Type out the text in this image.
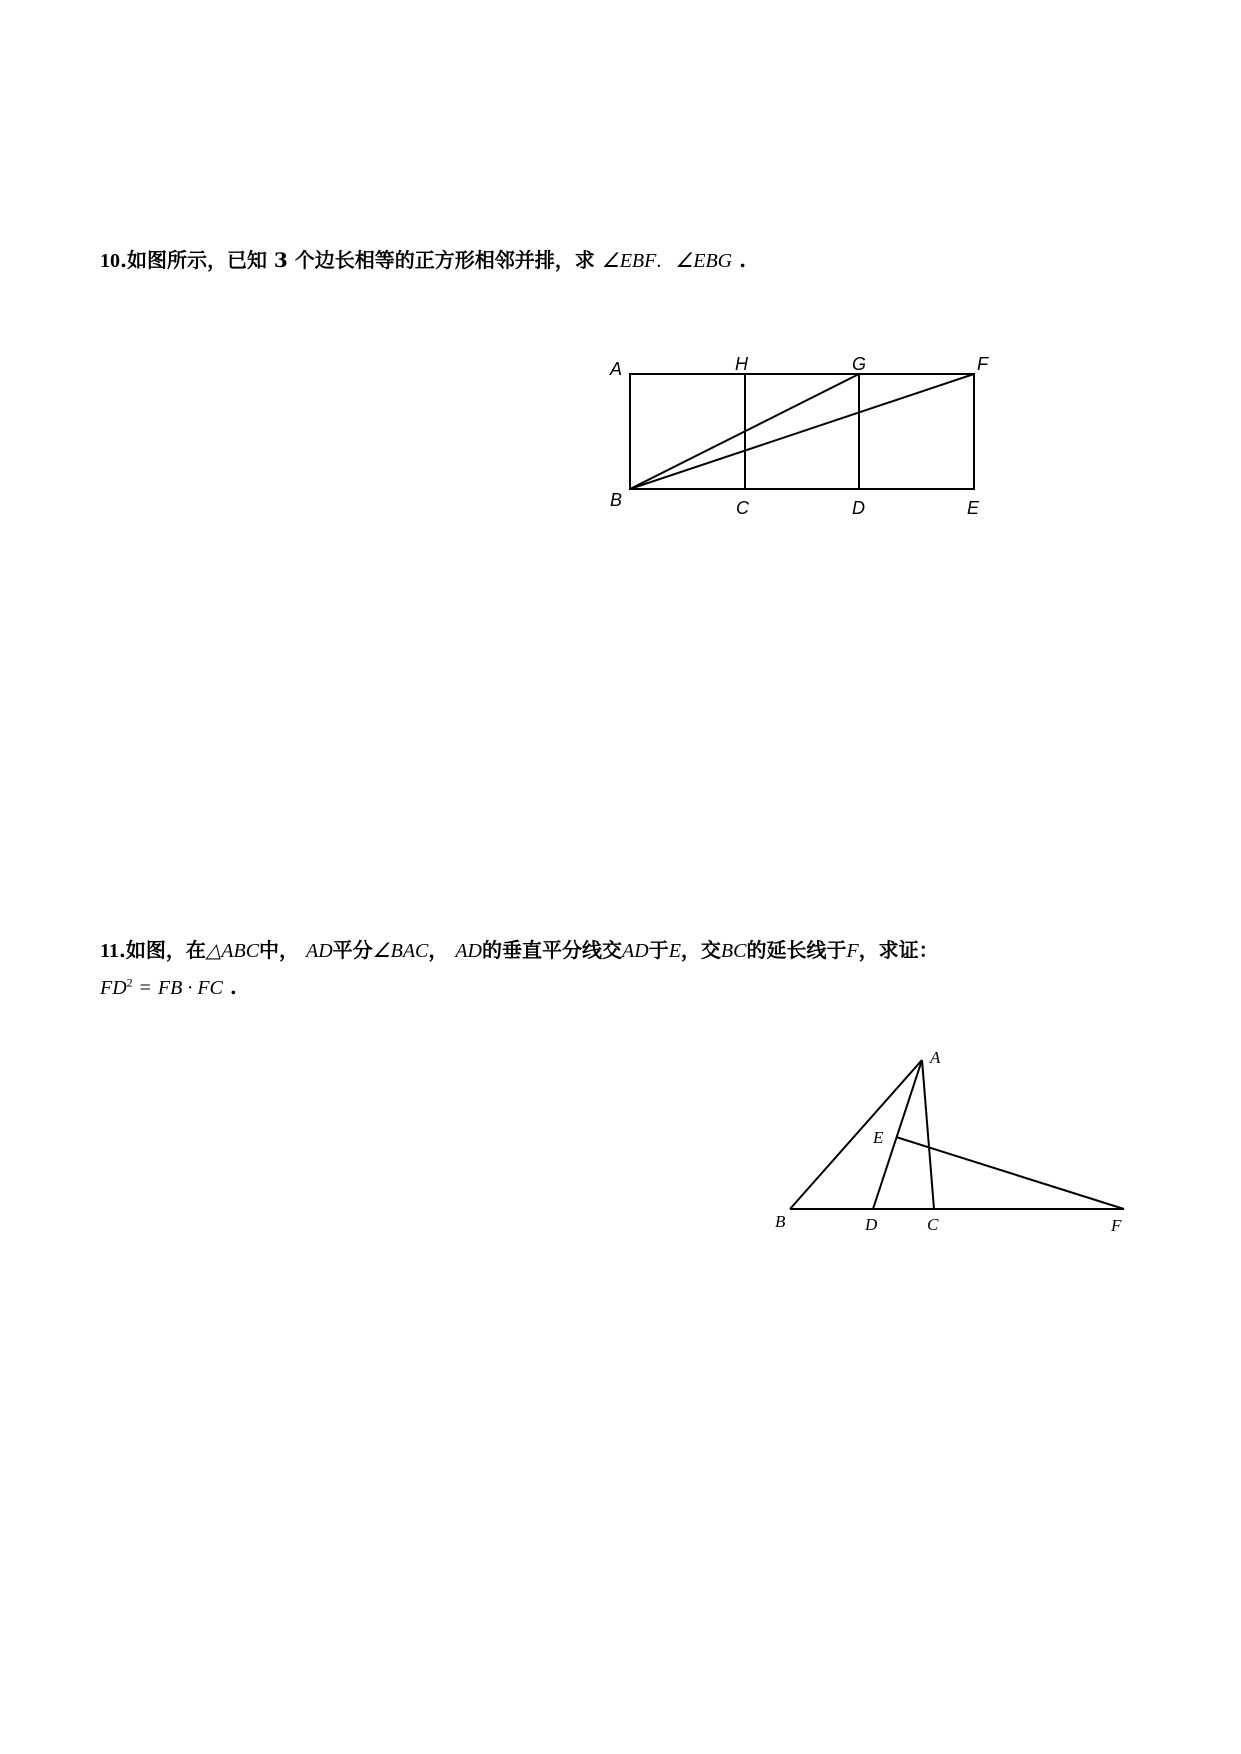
10.如图所示，已知 3 个边长相等的正方形相邻并排，求 ∠EBF. ∠EBG .

A	H	G	F
B	C	D	E

11.如图，在△ABC中， AD平分∠BAC， AD的垂直平分线交AD于E，交BC的延长线于F，求证：
$FD^2$ = FB · FC .

A
E
B	D	C	F
